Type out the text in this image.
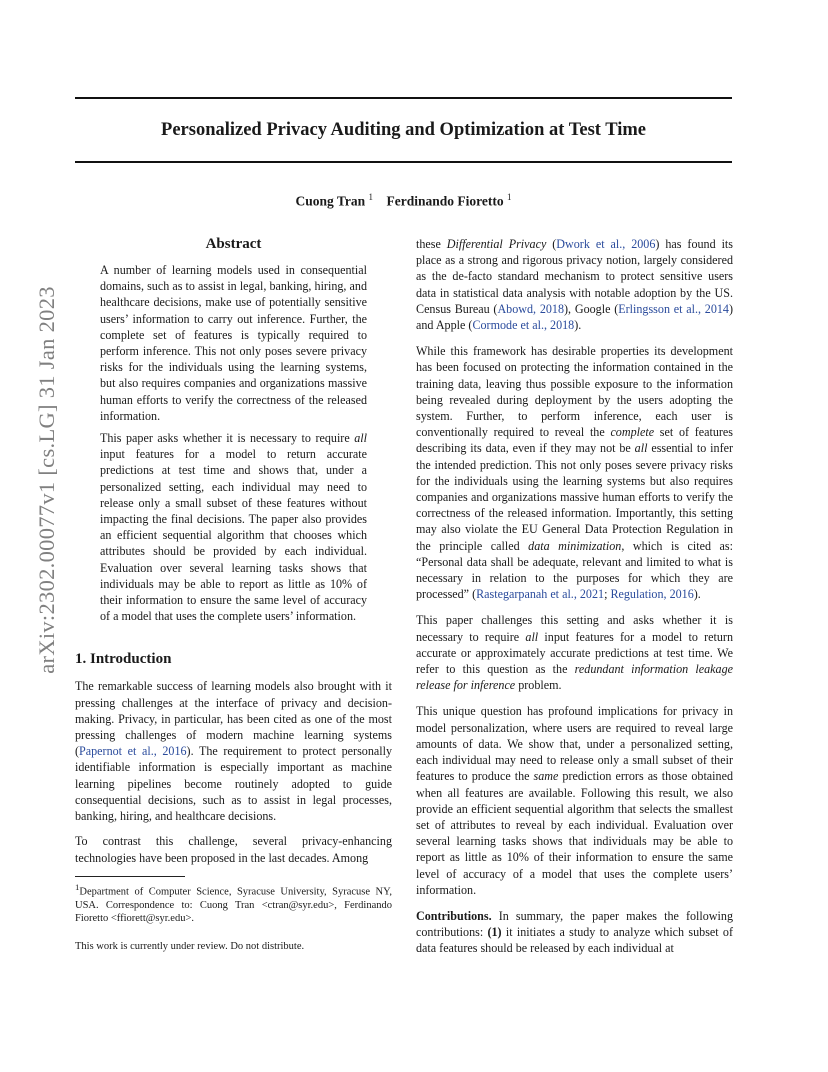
arXiv:2302.00077v1 [cs.LG] 31 Jan 2023
Personalized Privacy Auditing and Optimization at Test Time
Cuong Tran $^1$ Ferdinando Fioretto $^1$
Abstract

A number of learning models used in consequential domains, such as to assist in legal, banking, hiring, and healthcare decisions, make use of potentially sensitive users’ information to carry out inference. Further, the complete set of features is typically required to perform inference. This not only poses severe privacy risks for the individuals using the learning systems, but also requires companies and organizations massive human efforts to verify the correctness of the released information.

This paper asks whether it is necessary to require all input features for a model to return accurate predictions at test time and shows that, under a personalized setting, each individual may need to release only a small subset of these features without impacting the final decisions. The paper also provides an efficient sequential algorithm that chooses which attributes should be provided by each individual. Evaluation over several learning tasks shows that individuals may be able to report as little as 10% of their information to ensure the same level of accuracy of a model that uses the complete users’ information.

1. Introduction

The remarkable success of learning models also brought with it pressing challenges at the interface of privacy and decision-making. Privacy, in particular, has been cited as one of the most pressing challenges of modern machine learning systems (Papernot et al., 2016). The requirement to protect personally identifiable information is especially important as machine learning pipelines become routinely adopted to guide consequential decisions, such as to assist in legal processes, banking, hiring, and healthcare decisions.

To contrast this challenge, several privacy-enhancing technologies have been proposed in the last decades. Among

$^1$Department of Computer Science, Syracuse University, Syracuse NY, USA. Correspondence to: Cuong Tran <ctran@syr.edu>, Ferdinando Fioretto <ffiorett@syr.edu>.

This work is currently under review. Do not distribute.

these Differential Privacy (Dwork et al., 2006) has found its place as a strong and rigorous privacy notion, largely considered as the de-facto standard mechanism to protect sensitive users data in statistical data analysis with notable adoption by the US. Census Bureau (Abowd, 2018), Google (Erlingsson et al., 2014) and Apple (Cormode et al., 2018).

While this framework has desirable properties its development has been focused on protecting the information contained in the training data, leaving thus possible exposure to the information being revealed during deployment by the users adopting the system. Further, to perform inference, each user is conventionally required to reveal the complete set of features describing its data, even if they may not be all essential to infer the intended prediction. This not only poses severe privacy risks for the individuals using the learning systems but also requires companies and organizations massive human efforts to verify the correctness of the released information. Importantly, this setting may also violate the EU General Data Protection Regulation in the principle called data minimization, which is cited as: “Personal data shall be adequate, relevant and limited to what is necessary in relation to the purposes for which they are processed” (Rastegarpanah et al., 2021; Regulation, 2016).

This paper challenges this setting and asks whether it is necessary to require all input features for a model to return accurate or approximately accurate predictions at test time. We refer to this question as the redundant information leakage release for inference problem.

This unique question has profound implications for privacy in model personalization, where users are required to reveal large amounts of data. We show that, under a personalized setting, each individual may need to release only a small subset of their features to produce the same prediction errors as those obtained when all features are available. Following this result, we also provide an efficient sequential algorithm that selects the smallest set of attributes to reveal by each individual. Evaluation over several learning tasks shows that individuals may be able to report as little as 10% of their information to ensure the same level of accuracy of a model that uses the complete users’ information.

Contributions. In summary, the paper makes the following contributions: (1) it initiates a study to analyze which subset of data features should be released by each individual at
